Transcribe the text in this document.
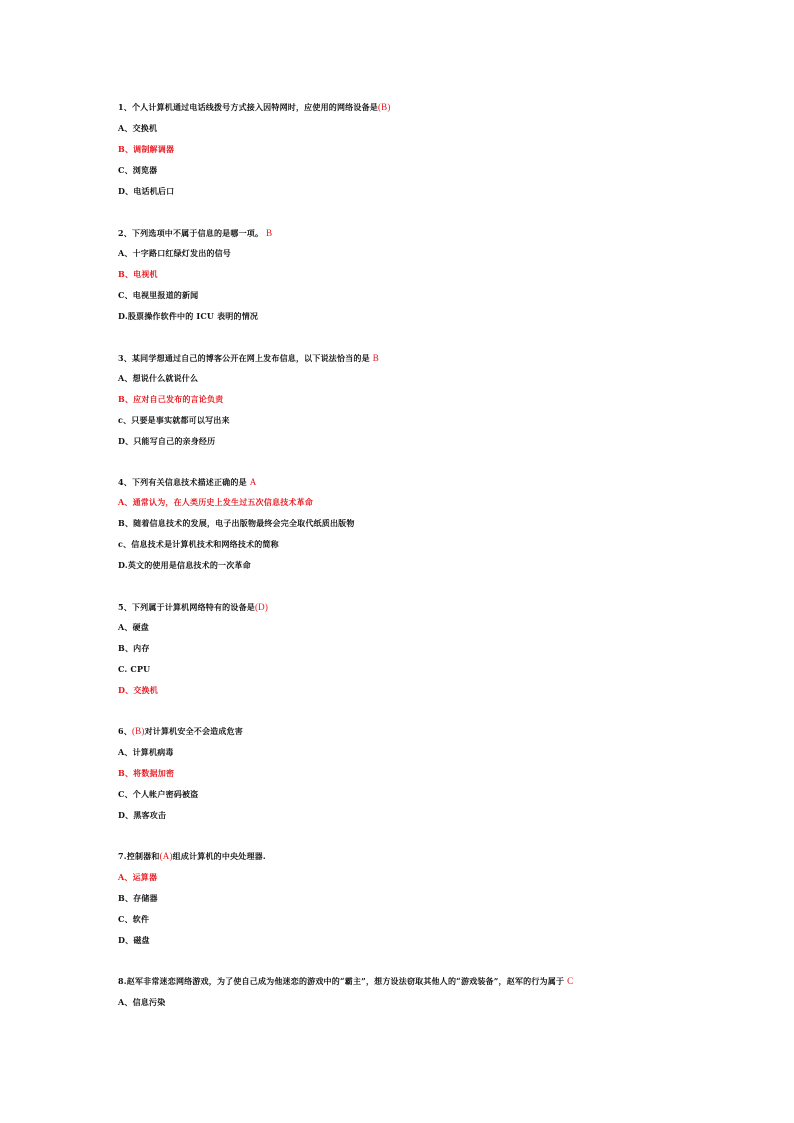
1、个人计算机通过电话线拨号方式接入因特网时，应使用的网络设备是(B)
A、交换机
B、调制解调器
C、浏览器
D、电话机后口
2、下列选项中不属于信息的是哪一项。 B
A、十字路口红绿灯发出的信号
B、电视机
C、电视里报道的新闻
D.股票操作软件中的 ICU 表明的情况
3、某同学想通过自己的博客公开在网上发布信息，以下说法恰当的是 B
A、想说什么就说什么
B、应对自己发布的言论负责
c、只要是事实就都可以写出来
D、只能写自己的亲身经历
4、下列有关信息技术描述正确的是 A
A、通常认为，在人类历史上发生过五次信息技术革命
B、随着信息技术的发展，电子出版物最终会完全取代纸质出版物
c、信息技术是计算机技术和网络技术的简称
D.英文的使用是信息技术的一次革命
5、下列属于计算机网络特有的设备是(D)
A、硬盘
B、内存
C. CPU
D、交换机
6、(B)对计算机安全不会造成危害
A、计算机病毒
B、将数据加密
C、个人帐户密码被盗
D、黑客攻击
7.控制器和(A)组成计算机的中央处理器.
A、运算器
B、存储器
C、软件
D、磁盘
8.赵军非常迷恋网络游戏，为了使自己成为他迷恋的游戏中的“霸主”，想方设法窃取其他人的“游戏装备”，赵军的行为属于 C
A、信息污染
